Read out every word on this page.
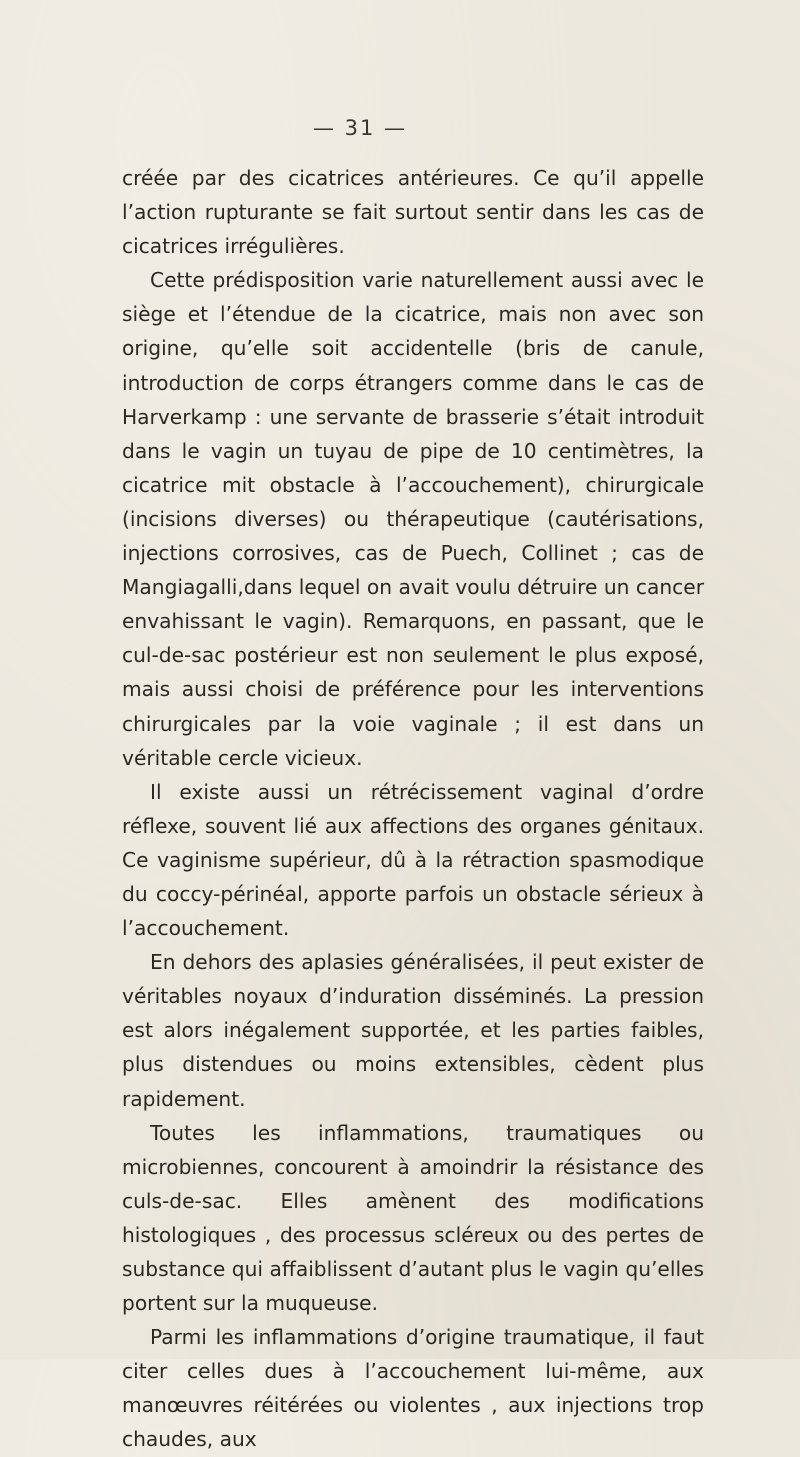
— 31 —

créée par des cicatrices antérieures. Ce qu’il appelle l’action rupturante se fait surtout sentir dans les cas de cicatrices irrégulières.

Cette prédisposition varie naturellement aussi avec le siège et l’étendue de la cicatrice, mais non avec son origine, qu’elle soit accidentelle (bris de canule, introduction de corps étrangers comme dans le cas de Harverkamp : une servante de brasserie s’était introduit dans le vagin un tuyau de pipe de 10 centimètres, la cicatrice mit obstacle à l’accouchement), chirurgicale (incisions diverses) ou thérapeutique (cautérisations, injections corrosives, cas de Puech, Collinet ; cas de Mangiagalli,dans lequel on avait voulu détruire un cancer envahissant le vagin). Remarquons, en passant, que le cul-de-sac postérieur est non seulement le plus exposé, mais aussi choisi de préférence pour les interventions chirurgicales par la voie vaginale ; il est dans un véritable cercle vicieux.

Il existe aussi un rétrécissement vaginal d’ordre réflexe, souvent lié aux affections des organes génitaux. Ce vaginisme supérieur, dû à la rétraction spasmodique du coccy-périnéal, apporte parfois un obstacle sérieux à l’accouchement.

En dehors des aplasies généralisées, il peut exister de véritables noyaux d’induration disséminés. La pression est alors inégalement supportée, et les parties faibles, plus distendues ou moins extensibles, cèdent plus rapidement.

Toutes les inflammations, traumatiques ou microbiennes, concourent à amoindrir la résistance des culs-de-sac. Elles amènent des modifications histologiques , des processus scléreux ou des pertes de substance qui affaiblissent d’autant plus le vagin qu’elles portent sur la muqueuse.

Parmi les inflammations d’origine traumatique, il faut citer celles dues à l’accouchement lui-même, aux manœuvres réitérées ou violentes , aux injections trop chaudes, aux
